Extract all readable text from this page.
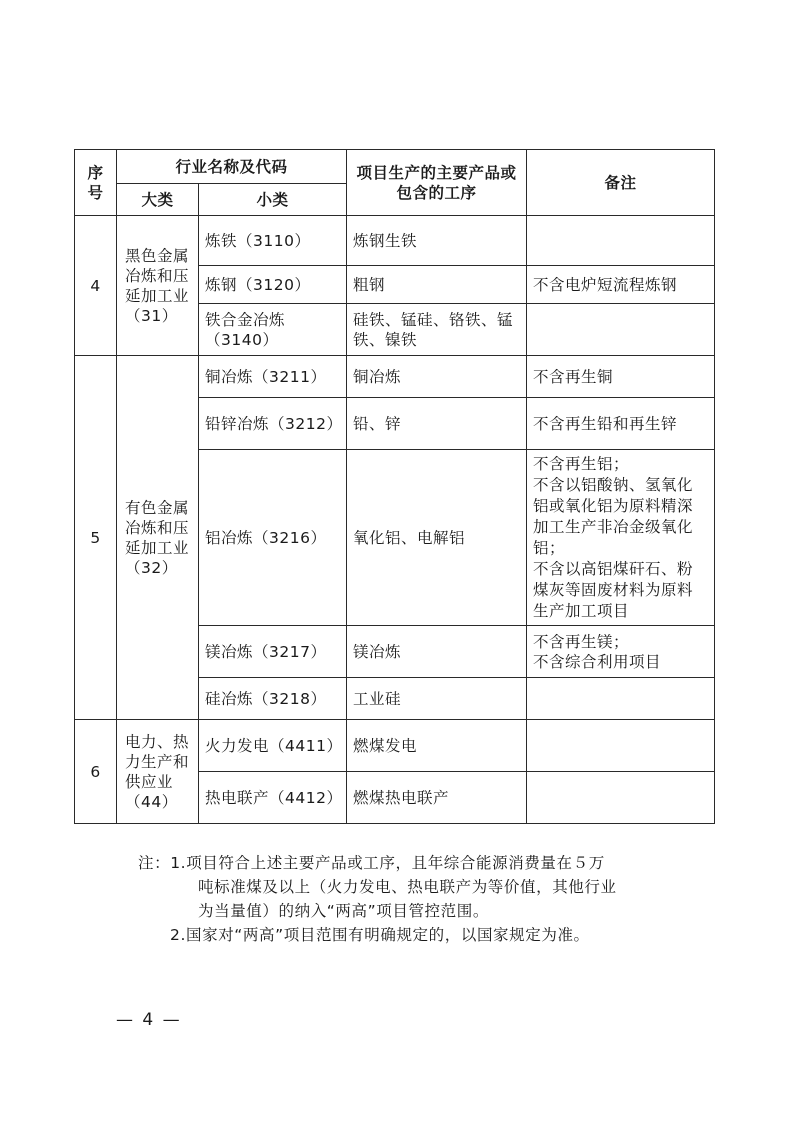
序号	行业名称及代码		项目生产的主要产品或包含的工序	备注
	大类	小类		
4	黑色金属冶炼和压延加工业（31）	炼铁（3110）	炼钢生铁	
		炼钢（3120）	粗钢	不含电炉短流程炼钢
		铁合金冶炼（3140）	硅铁、锰硅、铬铁、锰铁、镍铁	
5	有色金属冶炼和压延加工业（32）	铜冶炼（3211）	铜冶炼	不含再生铜
		铅锌冶炼（3212）	铅、锌	不含再生铅和再生锌
		铝冶炼（3216）	氧化铝、电解铝	不含再生铝；
不含以铝酸钠、氢氧化铝或氧化铝为原料精深加工生产非冶金级氧化铝；
不含以高铝煤矸石、粉煤灰等固废材料为原料生产加工项目
		镁冶炼（3217）	镁冶炼	不含再生镁；
不含综合利用项目
		硅冶炼（3218）	工业硅	
6	电力、热力生产和供应业（44）	火力发电（4411）	燃煤发电	
		热电联产（4412）	燃煤热电联产	
注：1.项目符合上述主要产品或工序，且年综合能源消费量在５万
吨标准煤及以上（火力发电、热电联产为等价值，其他行业
为当量值）的纳入“两高”项目管控范围。
2.国家对“两高”项目范围有明确规定的，以国家规定为准。
— 4 —
